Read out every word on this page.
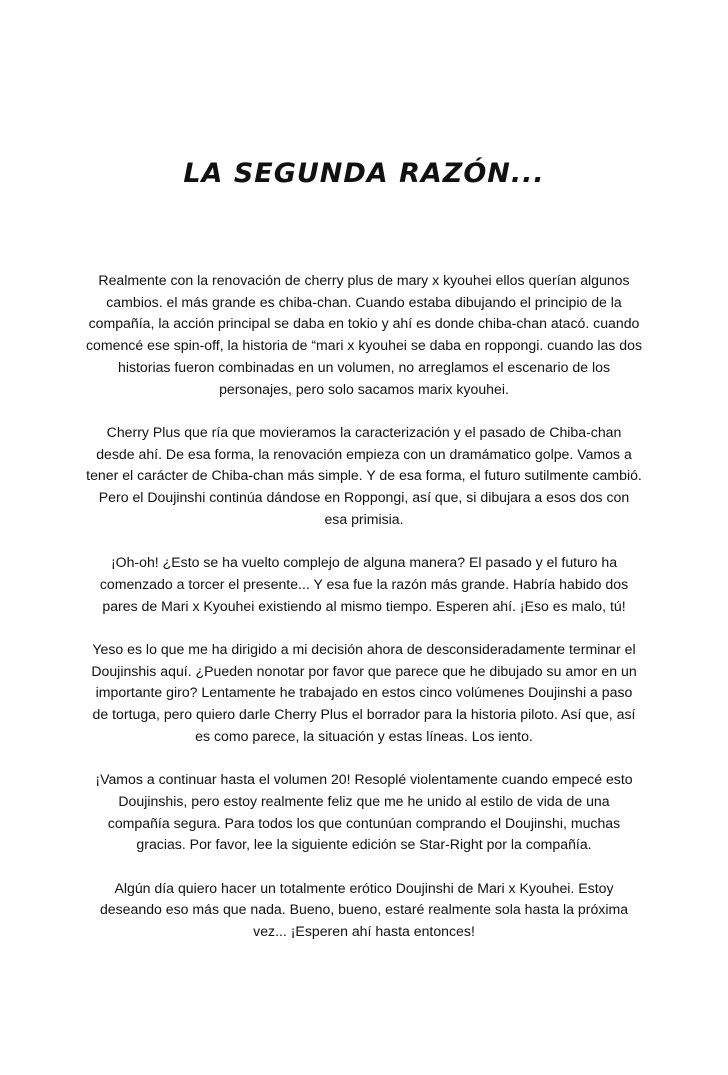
LA SEGUNDA RAZÓN...

Realmente con la renovación de cherry plus de mary x kyouhei ellos querían algunos cambios. el más grande es chiba-chan. Cuando estaba dibujando el principio de la compañía, la acción principal se daba en tokio y ahí es donde chiba-chan atacó. cuando comencé ese spin-off, la historia de “mari x kyouhei se daba en roppongi. cuando las dos historias fueron combinadas en un volumen, no arreglamos el escenario de los personajes, pero solo sacamos marix kyouhei.

Cherry Plus que ría que movieramos la caracterización y el pasado de Chiba-chan desde ahí. De esa forma, la renovación empieza con un dramámatico golpe. Vamos a tener el carácter de Chiba-chan más simple. Y de esa forma, el futuro sutilmente cambió. Pero el Doujinshi continúa dándose en Roppongi, así que, si dibujara a esos dos con esa primisia.

¡Oh-oh! ¿Esto se ha vuelto complejo de alguna manera? El pasado y el futuro ha comenzado a torcer el presente... Y esa fue la razón más grande. Habría habido dos pares de Mari x Kyouhei existiendo al mismo tiempo. Esperen ahí. ¡Eso es malo, tú!

Yeso es lo que me ha dirigido a mi decisión ahora de desconsideradamente terminar el Doujinshis aquí. ¿Pueden nonotar por favor que parece que he dibujado su amor en un importante giro? Lentamente he trabajado en estos cinco volúmenes Doujinshi a paso de tortuga, pero quiero darle Cherry Plus el borrador para la historia piloto. Así que, así es como parece, la situación y estas líneas. Los iento.

¡Vamos a continuar hasta el volumen 20! Resoplé violentamente cuando empecé esto Doujinshis, pero estoy realmente feliz que me he unido al estilo de vida de una compañía segura. Para todos los que contunúan comprando el Doujinshi, muchas gracias. Por favor, lee la siguiente edición se Star-Right por la compañía.

Algún día quiero hacer un totalmente erótico Doujinshi de Mari x Kyouhei. Estoy deseando eso más que nada. Bueno, bueno, estaré realmente sola hasta la próxima vez... ¡Esperen ahí hasta entonces!
